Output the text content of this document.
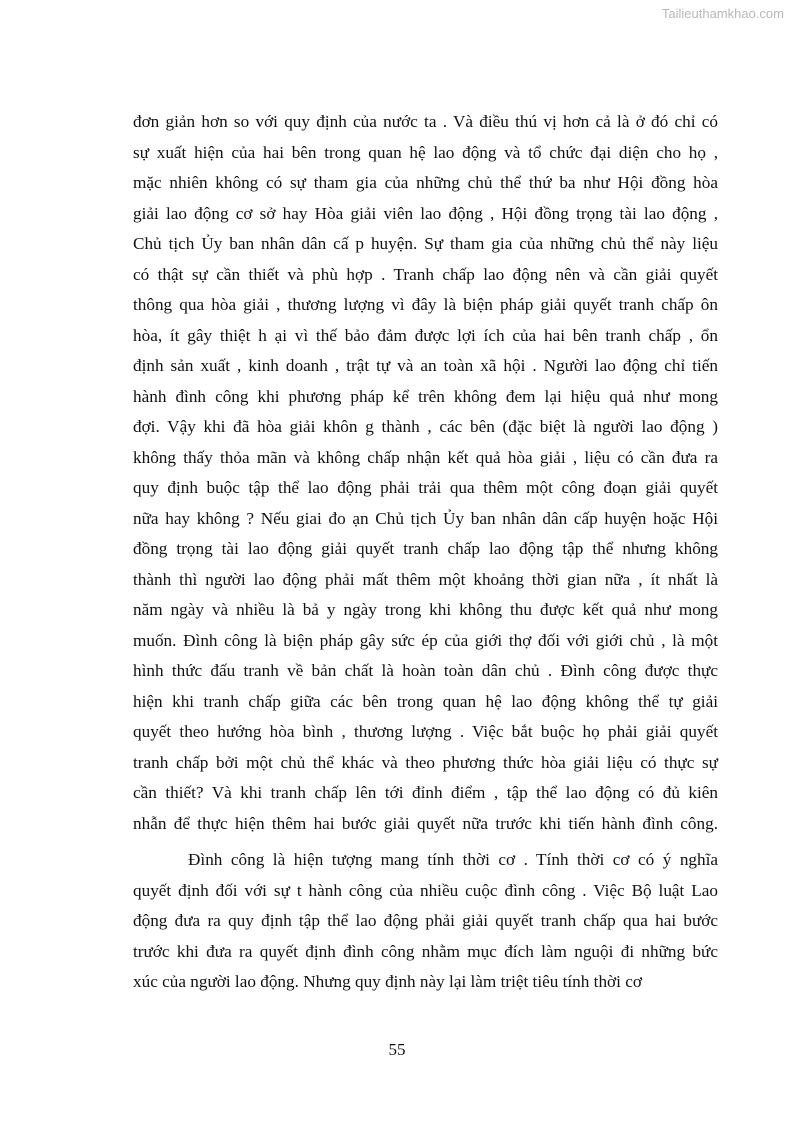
Tailieuthamkhao.com
đơn giản hơn so với quy định của nước ta . Và điều thú vị hơn cả là ở đó chỉ có
sự xuất hiện của hai bên trong quan hệ lao động và tổ chức đại diện cho họ ,
mặc nhiên không có sự tham gia của những chủ thể thứ ba như Hội đồng hòa
giải lao động cơ sở hay Hòa giải viên lao động , Hội đồng trọng tài lao động ,
Chủ tịch Ủy ban nhân dân cấ p huyện. Sự tham gia của những chủ thể này liệu
có thật sự cần thiết và phù hợp . Tranh chấp lao động nên và cần giải quyết
thông qua hòa giải , thương lượng vì đây là biện pháp giải quyết tranh chấp ôn
hòa, ít gây thiệt h ại vì thế bảo đảm được lợi ích của hai bên tranh chấp , ổn
định sản xuất , kinh doanh , trật tự và an toàn xã hội . Người lao động chỉ tiến
hành đình công khi phương pháp kể trên không đem lại hiệu quả như mong
đợi. Vậy khi đã hòa giải khôn g thành , các bên (đặc biệt là người lao động )
không thấy thỏa mãn và không chấp nhận kết quả hòa giải , liệu có cần đưa ra
quy định buộc tập thể lao động phải trải qua thêm một công đoạn giải quyết
nữa hay không ? Nếu giai đo ạn Chủ tịch Ủy ban nhân dân cấp huyện hoặc Hội
đồng trọng tài lao động giải quyết tranh chấp lao động tập thể nhưng không
thành thì người lao động phải mất thêm một khoảng thời gian nữa , ít nhất là
năm ngày và nhiều là bả y ngày trong khi không thu được kết quả như mong
muốn. Đình công là biện pháp gây sức ép của giới thợ đối với giới chủ , là một
hình thức đấu tranh về bản chất là hoàn toàn dân chủ . Đình công được thực
hiện khi tranh chấp giữa các bên trong quan hệ lao động không thể tự giải
quyết theo hướng hòa bình , thương lượng . Việc bắt buộc họ phải giải quyết
tranh chấp bởi một chủ thể khác và theo phương thức hòa giải liệu có thực sự
cần thiết? Và khi tranh chấp lên tới đỉnh điểm , tập thể lao động có đủ kiên
nhẫn để thực hiện thêm hai bước giải quyết nữa trước khi tiến hành đình công.
Đình công là hiện tượng mang tính thời cơ . Tính thời cơ có ý nghĩa
quyết định đối với sự t hành công của nhiều cuộc đình công . Việc Bộ luật Lao
động đưa ra quy định tập thể lao động phải giải quyết tranh chấp qua hai bước
trước khi đưa ra quyết định đình công nhằm mục đích làm nguội đi những bức
xúc của người lao động. Nhưng quy định này lại làm triệt tiêu tính thời cơ
55
